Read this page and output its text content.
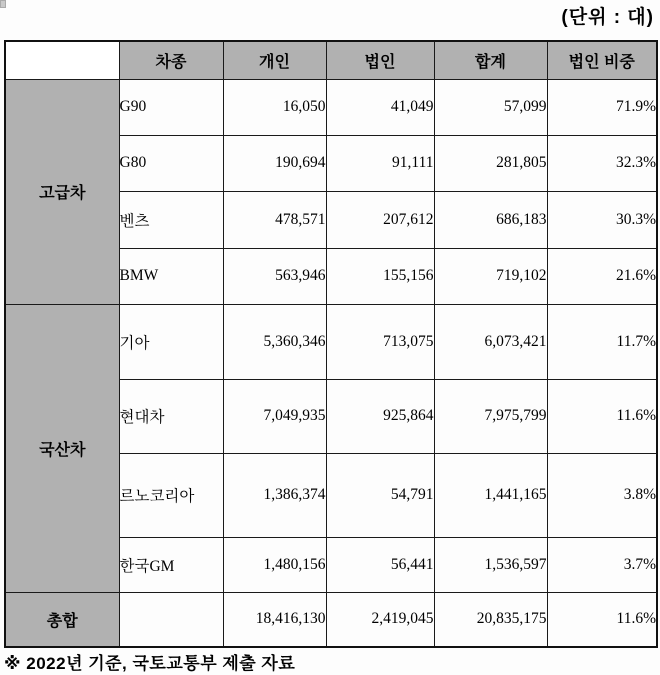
(단위 : 대)
	차종	개인	법인	합계	법인 비중
고급차	G90	16,050	41,049	57,099	71.9%
	G80	190,694	91,111	281,805	32.3%
	벤츠	478,571	207,612	686,183	30.3%
	BMW	563,946	155,156	719,102	21.6%
국산차	기아	5,360,346	713,075	6,073,421	11.7%
	현대차	7,049,935	925,864	7,975,799	11.6%
	르노코리아	1,386,374	54,791	1,441,165	3.8%
	한국GM	1,480,156	56,441	1,536,597	3.7%
총합		18,416,130	2,419,045	20,835,175	11.6%
※ 2022년 기준, 국토교통부 제출 자료
